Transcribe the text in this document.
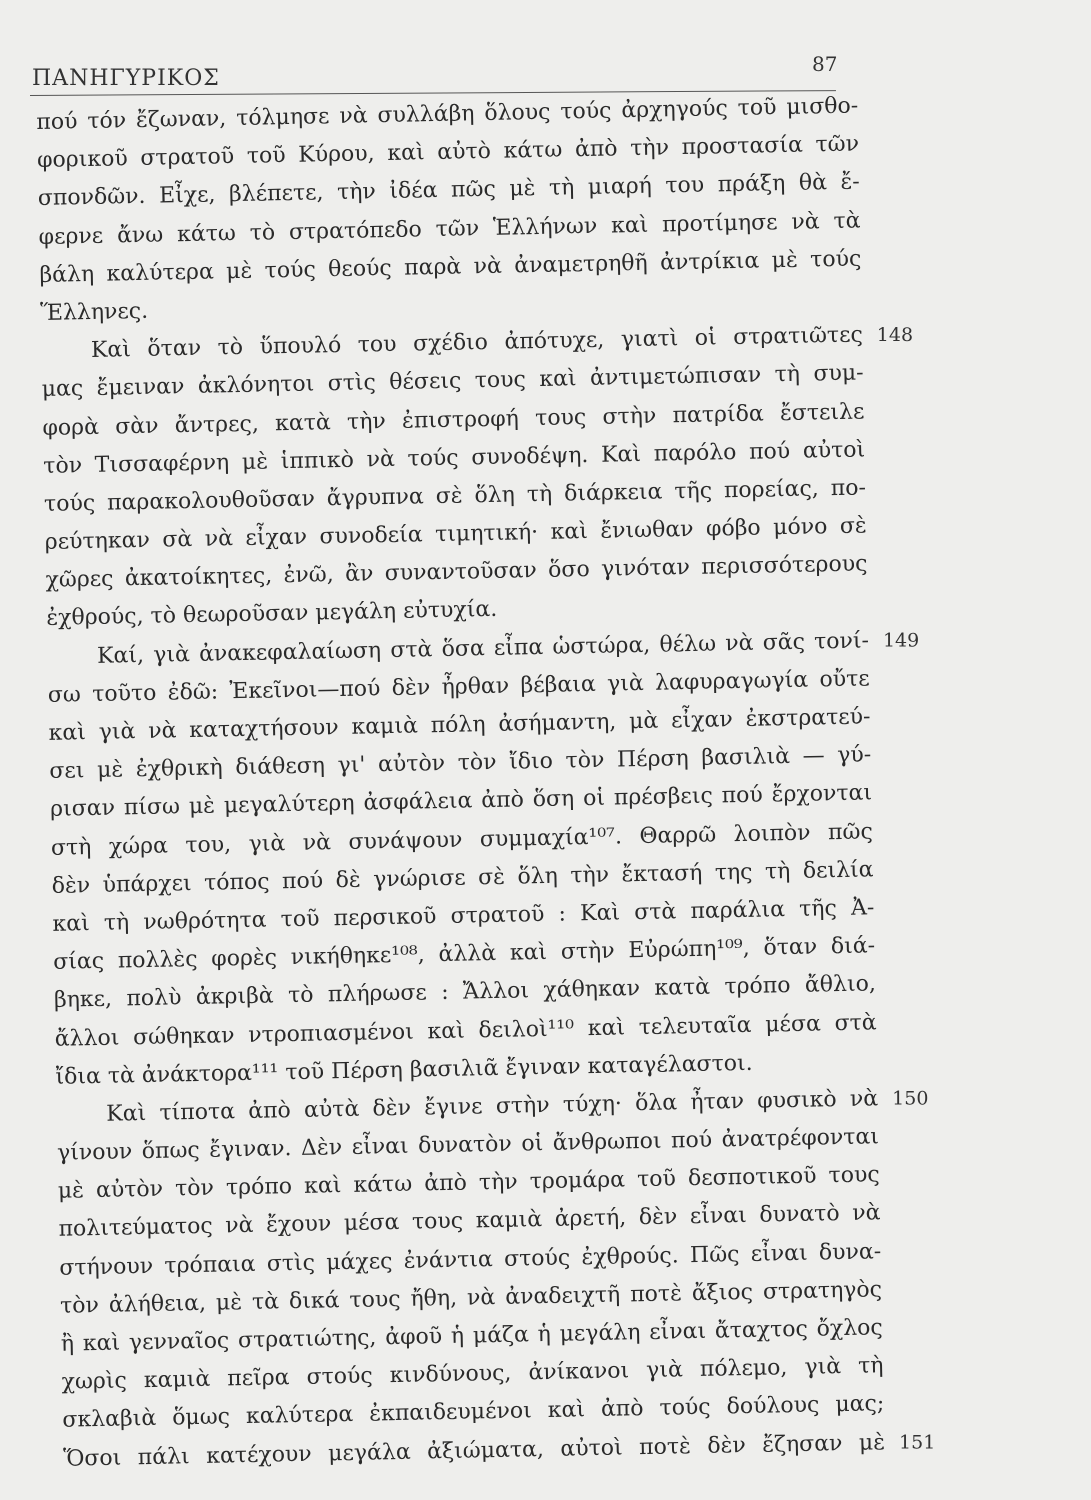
ΠΑΝΗΓΥΡΙΚΟΣ
87
πού τόν ἔζωναν, τόλμησε νὰ συλλάβη ὅλους τούς ἀρχηγούς τοῦ μισθο-
φορικοῦ στρατοῦ τοῦ Κύρου, καὶ αὐτὸ κάτω ἀπὸ τὴν προστασία τῶν
σπονδῶν. Εἶχε, βλέπετε, τὴν ἰδέα πῶς μὲ τὴ μιαρή του πράξη θὰ ἔ-
φερνε ἄνω κάτω τὸ στρατόπεδο τῶν Ἑλλήνων καὶ προτίμησε νὰ τὰ
βάλη καλύτερα μὲ τούς θεούς παρὰ νὰ ἀναμετρηθῆ ἀντρίκια μὲ τούς
Ἕλληνες.
Καὶ ὅταν τὸ ὕπουλό του σχέδιο ἀπότυχε, γιατὶ οἱ στρατιῶτες 148
μας ἔμειναν ἀκλόνητοι στὶς θέσεις τους καὶ ἀντιμετώπισαν τὴ συμ-
φορὰ σὰν ἄντρες, κατὰ τὴν ἐπιστροφή τους στὴν πατρίδα ἔστειλε
τὸν Τισσαφέρνη μὲ ἱππικὸ νὰ τούς συνοδέψη. Καὶ παρόλο πού αὐτοὶ
τούς παρακολουθοῦσαν ἄγρυπνα σὲ ὅλη τὴ διάρκεια τῆς πορείας, πο-
ρεύτηκαν σὰ νὰ εἶχαν συνοδεία τιμητική· καὶ ἔνιωθαν φόβο μόνο σὲ
χῶρες ἀκατοίκητες, ἐνῶ, ἂν συναντοῦσαν ὅσο γινόταν περισσότερους
ἐχθρούς, τὸ θεωροῦσαν μεγάλη εὐτυχία.
Καί, γιὰ ἀνακεφαλαίωση στὰ ὅσα εἶπα ὡστώρα, θέλω νὰ σᾶς τονί- 149
σω τοῦτο ἐδῶ: Ἐκεῖνοι—πού δὲν ἦρθαν βέβαια γιὰ λαφυραγωγία οὔτε
καὶ γιὰ νὰ καταχτήσουν καμιὰ πόλη ἀσήμαντη, μὰ εἶχαν ἐκστρατεύ-
σει μὲ ἐχθρικὴ διάθεση γι' αὐτὸν τὸν ἴδιο τὸν Πέρση βασιλιὰ — γύ-
ρισαν πίσω μὲ μεγαλύτερη ἀσφάλεια ἀπὸ ὅση οἱ πρέσβεις πού ἔρχονται
στὴ χώρα του, γιὰ νὰ συνάψουν συμμαχία¹⁰⁷. Θαρρῶ λοιπὸν πῶς
δὲν ὑπάρχει τόπος πού δὲ γνώρισε σὲ ὅλη τὴν ἔκτασή της τὴ δειλία
καὶ τὴ νωθρότητα τοῦ περσικοῦ στρατοῦ : Καὶ στὰ παράλια τῆς Ἀ-
σίας πολλὲς φορὲς νικήθηκε¹⁰⁸, ἀλλὰ καὶ στὴν Εὐρώπη¹⁰⁹, ὅταν διά-
βηκε, πολὺ ἀκριβὰ τὸ πλήρωσε : Ἄλλοι χάθηκαν κατὰ τρόπο ἄθλιο,
ἄλλοι σώθηκαν ντροπιασμένοι καὶ δειλοὶ¹¹⁰ καὶ τελευταῖα μέσα στὰ
ἴδια τὰ ἀνάκτορα¹¹¹ τοῦ Πέρση βασιλιᾶ ἔγιναν καταγέλαστοι.
Καὶ τίποτα ἀπὸ αὐτὰ δὲν ἔγινε στὴν τύχη· ὅλα ἦταν φυσικὸ νὰ 150
γίνουν ὅπως ἔγιναν. Δὲν εἶναι δυνατὸν οἱ ἄνθρωποι πού ἀνατρέφονται
μὲ αὐτὸν τὸν τρόπο καὶ κάτω ἀπὸ τὴν τρομάρα τοῦ δεσποτικοῦ τους
πολιτεύματος νὰ ἔχουν μέσα τους καμιὰ ἀρετή, δὲν εἶναι δυνατὸ νὰ
στήνουν τρόπαια στὶς μάχες ἐνάντια στούς ἐχθρούς. Πῶς εἶναι δυνα-
τὸν ἀλήθεια, μὲ τὰ δικά τους ἤθη, νὰ ἀναδειχτῆ ποτὲ ἄξιος στρατηγὸς
ἢ καὶ γενναῖος στρατιώτης, ἀφοῦ ἡ μάζα ἡ μεγάλη εἶναι ἄταχτος ὄχλος
χωρὶς καμιὰ πεῖρα στούς κινδύνους, ἀνίκανοι γιὰ πόλεμο, γιὰ τὴ
σκλαβιὰ ὅμως καλύτερα ἐκπαιδευμένοι καὶ ἀπὸ τούς δούλους μας;
Ὅσοι πάλι κατέχουν μεγάλα ἀξιώματα, αὐτοὶ ποτὲ δὲν ἔζησαν μὲ 151
